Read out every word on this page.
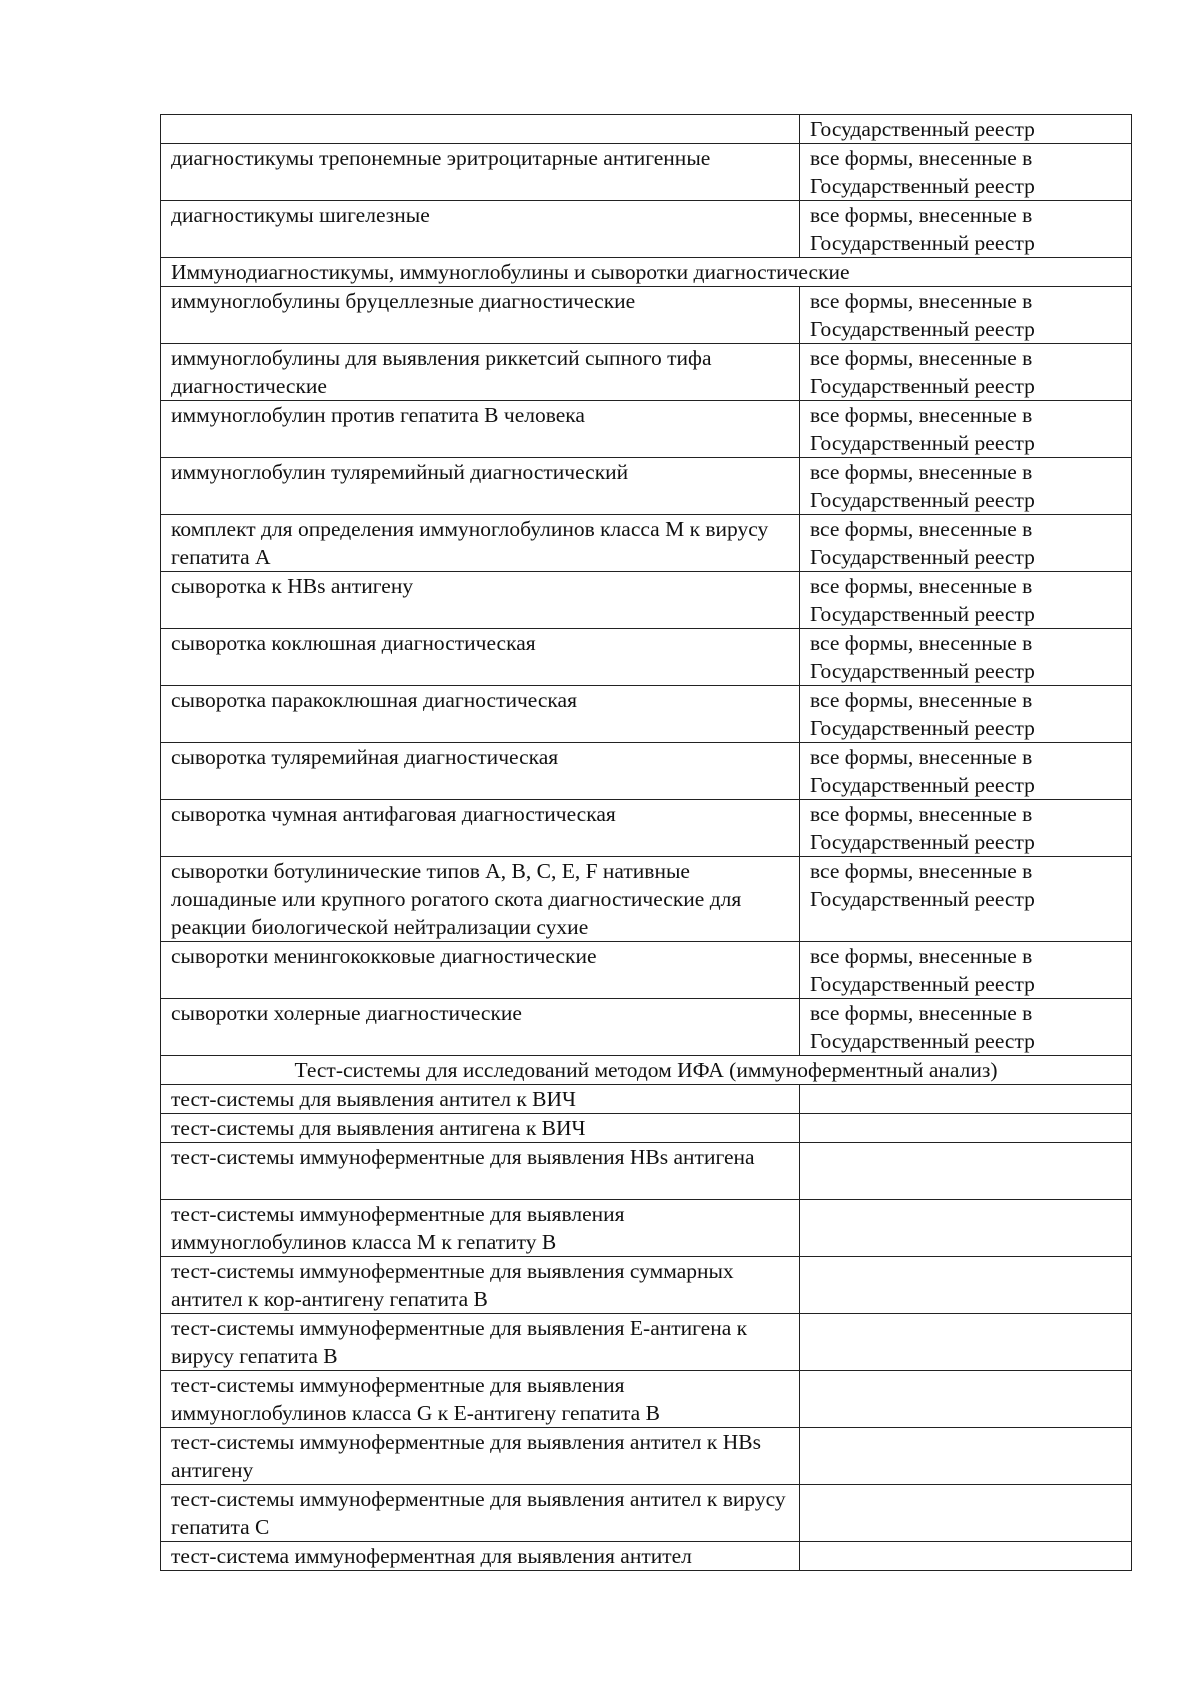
	Государственный реестр
диагностикумы трепонемные эритроцитарные антигенные	все формы, внесенные в Государственный реестр
диагностикумы шигелезные	все формы, внесенные в Государственный реестр
Иммунодиагностикумы, иммуноглобулины и сыворотки диагностические	
иммуноглобулины бруцеллезные диагностические	все формы, внесенные в Государственный реестр
иммуноглобулины для выявления риккетсий сыпного тифа диагностические	все формы, внесенные в Государственный реестр
иммуноглобулин против гепатита В человека	все формы, внесенные в Государственный реестр
иммуноглобулин туляремийный диагностический	все формы, внесенные в Государственный реестр
комплект для определения иммуноглобулинов класса М к вирусу гепатита А	все формы, внесенные в Государственный реестр
сыворотка к HBs антигену	все формы, внесенные в Государственный реестр
сыворотка коклюшная диагностическая	все формы, внесенные в Государственный реестр
сыворотка паракоклюшная диагностическая	все формы, внесенные в Государственный реестр
сыворотка туляремийная диагностическая	все формы, внесенные в Государственный реестр
сыворотка чумная антифаговая диагностическая	все формы, внесенные в Государственный реестр
сыворотки ботулинические типов А, В, С, Е, F нативные лошадиные или крупного рогатого скота диагностические для реакции биологической нейтрализации сухие	все формы, внесенные в Государственный реестр
сыворотки менингококковые диагностические	все формы, внесенные в Государственный реестр
сыворотки холерные диагностические	все формы, внесенные в Государственный реестр
Тест-системы для исследований методом ИФА (иммуноферментный анализ)	
тест-системы для выявления антител к ВИЧ	
тест-системы для выявления антигена к ВИЧ	
тест-системы иммуноферментные для выявления HBs антигена	
тест-системы иммуноферментные для выявления иммуноглобулинов класса М к гепатиту В	
тест-системы иммуноферментные для выявления суммарных антител к кор-антигену гепатита В	
тест-системы иммуноферментные для выявления Е-антигена к вирусу гепатита В	
тест-системы иммуноферментные для выявления иммуноглобулинов класса G к Е-антигену гепатита В	
тест-системы иммуноферментные для выявления антител к HBs антигену	
тест-системы иммуноферментные для выявления антител к вирусу гепатита С	
тест-система иммуноферментная для выявления антител	
